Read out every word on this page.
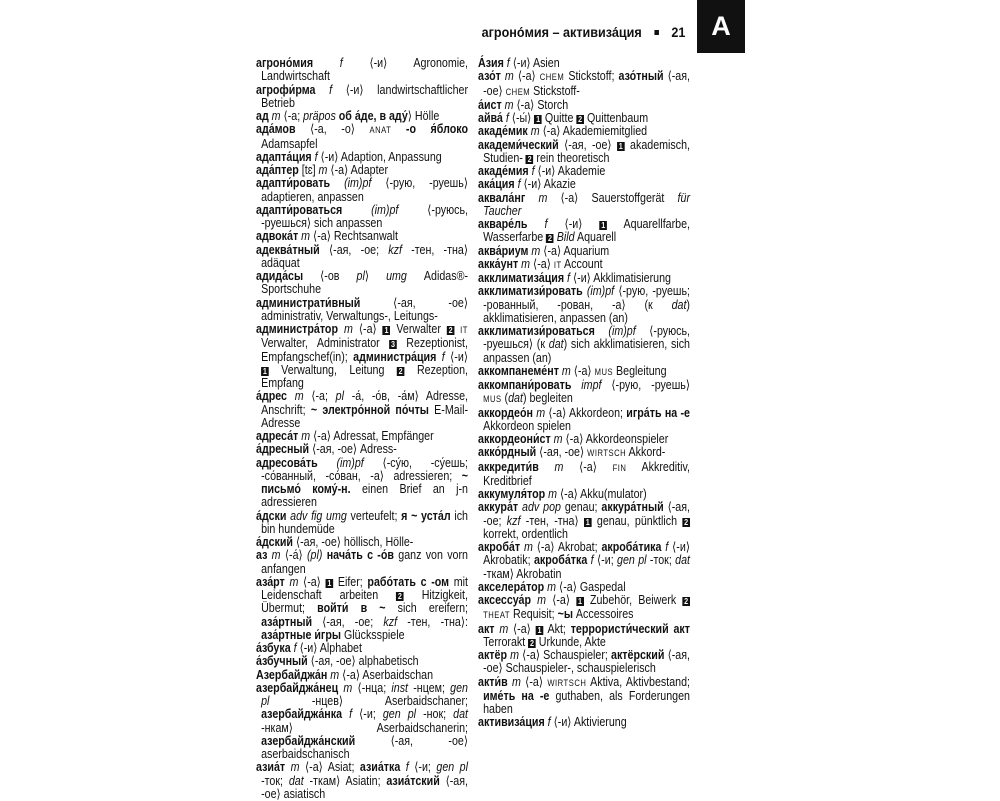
агроно́мия – активиза́ция 21 A
агроно́мия f ⟨-и⟩ Agronomie, Landwirtschaft
агрофи́рма f ⟨-и⟩ landwirtschaftlicher Betrieb
ад m ⟨-а; präpos об а́де, в аду́⟩ Hölle
ада́мов ⟨-а, -о⟩ ANAT -о я́блоко Adamsapfel
адапта́ция f ⟨-и⟩ Adaption, Anpassung
ада́птер [tɛ] m ⟨-а⟩ Adapter
адапти́ровать (im)pf ⟨-рую, -руешь⟩ adaptieren, anpassen
адапти́роваться (im)pf ⟨-руюсь, -руешься⟩ sich anpassen
адвока́т m ⟨-а⟩ Rechtsanwalt
адеква́тный ⟨-ая, -ое; kzf -тен, -тна⟩ adäquat
адида́сы ⟨-ов pl⟩ umg Adidas®-Sportschuhe
администрати́вный ⟨-ая, -ое⟩ administrativ, Verwaltungs-, Leitungs-
администра́тор m ⟨-а⟩ 1 Verwalter 2 IT Verwalter, Administrator 3 Rezeptionist, Empfangschef(in); администра́ция f ⟨-и⟩ 1 Verwaltung, Leitung 2 Rezeption, Empfang
а́дрес m ⟨-а; pl -а́, -о́в, -а́м⟩ Adresse, Anschrift; ~ электро́нной по́чты E-Mail-Adresse
адреса́т m ⟨-а⟩ Adressat, Empfänger
а́дресный ⟨-ая, -ое⟩ Adress-
адресова́ть (im)pf ⟨-су́ю, -су́ешь; -со́ванный, -со́ван, -а⟩ adressieren; ~ письмо́ кому́-н. einen Brief an j-n adressieren
а́дски adv fig umg verteufelt; я ~ уста́л ich bin hundemüde
а́дский ⟨-ая, -ое⟩ höllisch, Hölle-
аз m ⟨-а́⟩ (pl) нача́ть с -о́в ganz von vorn anfangen
аза́рт m ⟨-а⟩ 1 Eifer; рабо́тать с -ом mit Leidenschaft arbeiten 2 Hitzigkeit, Übermut; войти́ в ~ sich ereifern; аза́ртный ⟨-ая, -ое; kzf -тен, -тна⟩: аза́ртные и́гры Glücksspiele
а́збука f ⟨-и⟩ Alphabet
а́збучный ⟨-ая, -ое⟩ alphabetisch
Азербайджа́н m ⟨-а⟩ Aserbaidschan
азербайджа́нец m ⟨-нца; inst -нцем; gen pl -нцев⟩ Aserbaidschaner; азербайджа́нка f ⟨-и; gen pl -нок; dat -нкам⟩ Aserbaidschanerin; азербайджа́нский ⟨-ая, -ое⟩ aserbaidschanisch
азиа́т m ⟨-а⟩ Asiat; азиа́тка f ⟨-и; gen pl -ток; dat -ткам⟩ Asiatin; азиа́тский ⟨-ая, -ое⟩ asiatisch
А́зия f ⟨-и⟩ Asien
азо́т m ⟨-а⟩ CHEM Stickstoff; азо́тный ⟨-ая, -ое⟩ CHEM Stickstoff-
а́ист m ⟨-а⟩ Storch
айва́ f ⟨-ы́⟩ 1 Quitte 2 Quittenbaum
акаде́мик m ⟨-а⟩ Akademiemitglied
академи́ческий ⟨-ая, -ое⟩ 1 akademisch, Studien- 2 rein theoretisch
акаде́мия f ⟨-и⟩ Akademie
ака́ция f ⟨-и⟩ Akazie
аквала́нг m ⟨-а⟩ Sauerstoffgerät für Taucher
акваре́ль f ⟨-и⟩ 1 Aquarellfarbe, Wasserfarbe 2 Bild Aquarell
аква́риум m ⟨-а⟩ Aquarium
акка́унт m ⟨-а⟩ IT Account
акклиматиза́ция f ⟨-и⟩ Akklimatisierung
акклиматизи́ровать (im)pf ⟨-рую, -руешь; -рованный, -рован, -а⟩ (к dat) akklimatisieren, anpassen (an)
акклиматизи́роваться (im)pf ⟨-руюсь, -руешься⟩ (к dat) sich akklimatisieren, sich anpassen (an)
аккомпанеме́нт m ⟨-а⟩ MUS Begleitung
аккомпани́ровать impf ⟨-рую, -руешь⟩ MUS (dat) begleiten
аккордео́н m ⟨-а⟩ Akkordeon; игра́ть на -е Akkordeon spielen
аккордеони́ст m ⟨-а⟩ Akkordeonspieler
акко́рдный ⟨-ая, -ое⟩ WIRTSCH Akkord-
аккредити́в m ⟨-а⟩ FIN Akkreditiv, Kreditbrief
аккумуля́тор m ⟨-а⟩ Akku(mulator)
аккура́т adv pop genau; аккура́тный ⟨-ая, -ое; kzf -тен, -тна⟩ 1 genau, pünktlich 2 korrekt, ordentlich
акроба́т m ⟨-а⟩ Akrobat; акроба́тика f ⟨-и⟩ Akrobatik; акроба́тка f ⟨-и; gen pl -ток; dat -ткам⟩ Akrobatin
акселера́тор m ⟨-а⟩ Gaspedal
аксессуа́р m ⟨-а⟩ 1 Zubehör, Beiwerk 2 THEAT Requisit; ~ы Accessoires
акт m ⟨-а⟩ 1 Akt; террористи́ческий акт Terrorakt 2 Urkunde, Akte
актёр m ⟨-а⟩ Schauspieler; актёрский ⟨-ая, -ое⟩ Schauspieler-, schauspielerisch
акти́в m ⟨-а⟩ WIRTSCH Aktiva, Aktivbestand; име́ть на -е guthaben, als Forderungen haben
активиза́ция f ⟨-и⟩ Aktivierung
